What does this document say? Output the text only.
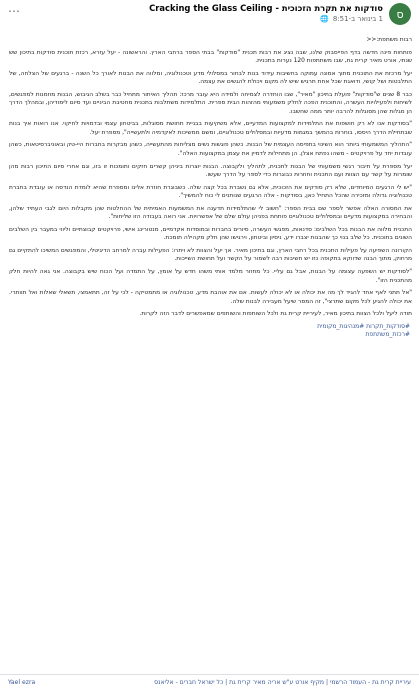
ס
סודקות את תקרת הזכוכית - Cracking the Glass Ceiling
1 בינואר ב-8:51
🌐
⋯

רבות משתפת:<<

פותחות פינה חדשה בדף הפייסבוק שלנו, שבה נציג את רבות תכנית "סודקות" בבתי הספר ברחבי הארץ. והראשונה - יעל עזרא, רכזת תוכנית סודקות בתיכון שש שנתי, אורט מאיר קרית גת, שבו משתתפות 120 נערות בתכנית.

יעל מרכזת את התוכנית מתוך אמונה עמוקה בחשיבות עידוד בנות לבחור במסלולי מדע וטכנולוגיה, ומלווה את הבנות לאורך כל השנה - ברגעים של הצלחה, של התלבטות ושל קושי, ודואגת שכל אחת תרגיש שיש לה מקום ויכולת להגשים את עצמה.

כבר 8 שנים ש"סודקות" פועלת בתיכון "מאיר", שבו הוחדרה לצמיחה ולמידה היא עובר מרכז: תהליך האיתור מתחיל כבר בשלב הגיבוש, הבנות מוזמנות למפגשים, לשיחות ולפעילויות העשרה, והתוכנית הפכה לחלק משמעותי מהזהות הבית ספרית. התלמידות משתלבות בתכנית מחטיבת הביניים ועד סיום לימודיהן, ובמהלך הדרך הן מגלות שהן מסוגלות להרבה יותר ממה שחשבו.

"בסודקות אנו לא רק חושפות את התלמידות למקצועות המדעיים, אלא משקיעות בבניית תחושת מסוגלות, בביטחון עצמי ובדמויות לחיקוי. אנו רואות איך בנות שבתחילת הדרך היססו, בוחרות בהמשך במגמות מדעיות ובמסלולים טכנולוגיים, ומשם ממשיכות לאקדמיה ולתעשייה", מספרת יעל.

"התהליך המשמעותי ביותר הוא השינוי בתפיסה העצמית של הבנות. כשהן פוגשות נשים מצליחות מהתעשייה, כשהן מבקרות בחברות היי-טק ובאוניברסיטאות, כשהן עובדות יחד על פרויקטים - משהו נפתח אצלן. הן מתחילות לדמיין את עצמן במקצועות האלה".

יעל מספרת על חיבור רגשי משמעותי של הבנות לתכנית, לתהליך ולקבוצה. הבנות יוצרות ביניהן קשרים חזקים ותומכות זו בזו, וגם אחרי סיום התיכון רבות מהן שומרות על קשר עם הצוות ועם התכנית וחוזרות כבוגרות כדי לספר על הדרך שעשו.

"יש לי הרגעים המיוחדים, שלא רק סודקים את הזכוכית, אלא גם נשברת בכל קצה שלה. כשבוגרת חוזרת אלינו ומספרת שהיא לומדת הנדסה או עובדת בחברת טכנולוגיה גדולה ומזכירה שהכל התחיל כאן, בסודקות - אלה הרגעים שנותנים לי כוח להמשיך".

את המסורה האלה אפשר לספר שם בבית הספר: "חשוב לי שהתלמידות תדענה את המשמעות האמיתית של ההחלטות שהן מקבלות היום לגבי העתיד שלהן, והבחירה במקצועות מדעיים ובמסלולים טכנולוגיים פותחת בפניהן עולם שלם של אפשרויות. אני רואה בעבודה הזו שליחות".

התכנית מלווה את הבנות בכל השלבים: סדנאות, מפגשי העשרה, סיורים בחברות ובמוסדות אקדמיים, מנטורינג אישי, פרויקטים קבוצתיים וליווי במעבר בין השלבים השונים בתוכנית. כל שלב בנוי כך שהבנות יצברו ידע, ניסיון וביטחון, וירגישו שהן חלק מקהילה תומכת.

הקורונה השפיעה על פעילות התכנית בכל רחבי הארץ, וגם בתיכון מאיר. אך יעל והצוות לא ויתרו: הפעילות עברה למרחב הדיגיטלי, והמפגשים המשיכו להתקיים גם מרחוק, מתוך הבנה שדווקא בתקופה כזו יש חשיבות רבה לשמור על הקשר ועל תחושת השייכות.

"לסודקות יש השפעה עצומה על הבנות, אבל גם עליי. כל מחזור מלמד אותי משהו חדש על אומץ, על התמדה ועל הכוח שיש בקבוצה. אני גאה להיות חלק מהתכנית הזו".

"אל תתני לאף אחד להגיד לך מה את יכולה או לא יכולה לעשות. אם את אוהבת מדע, טכנולוגיה או מתמטיקה - לכי על זה, תתאמצי, תשאלי שאלות ואל תוותרי. את יכולה להגיע לכל מקום שתרצי", זה המסר שיעל מעבירה לבנות שלה.

תודה ליעל ולכל הצוות בתיכון מאיר, לעיריית קרית גת ולכל השותפות והשותפים שמאפשרים לדבר הזה לקרות.

#סודקות_תקרות #מנהיגות_מקומית
#רכזת_משתתפת
עיריית קרית גת - העמוד הרשמי | מקיף אורט ע"ש אריה מאיר קרית גת | כל ישראל חברים - אליאנס
Yael ezra
